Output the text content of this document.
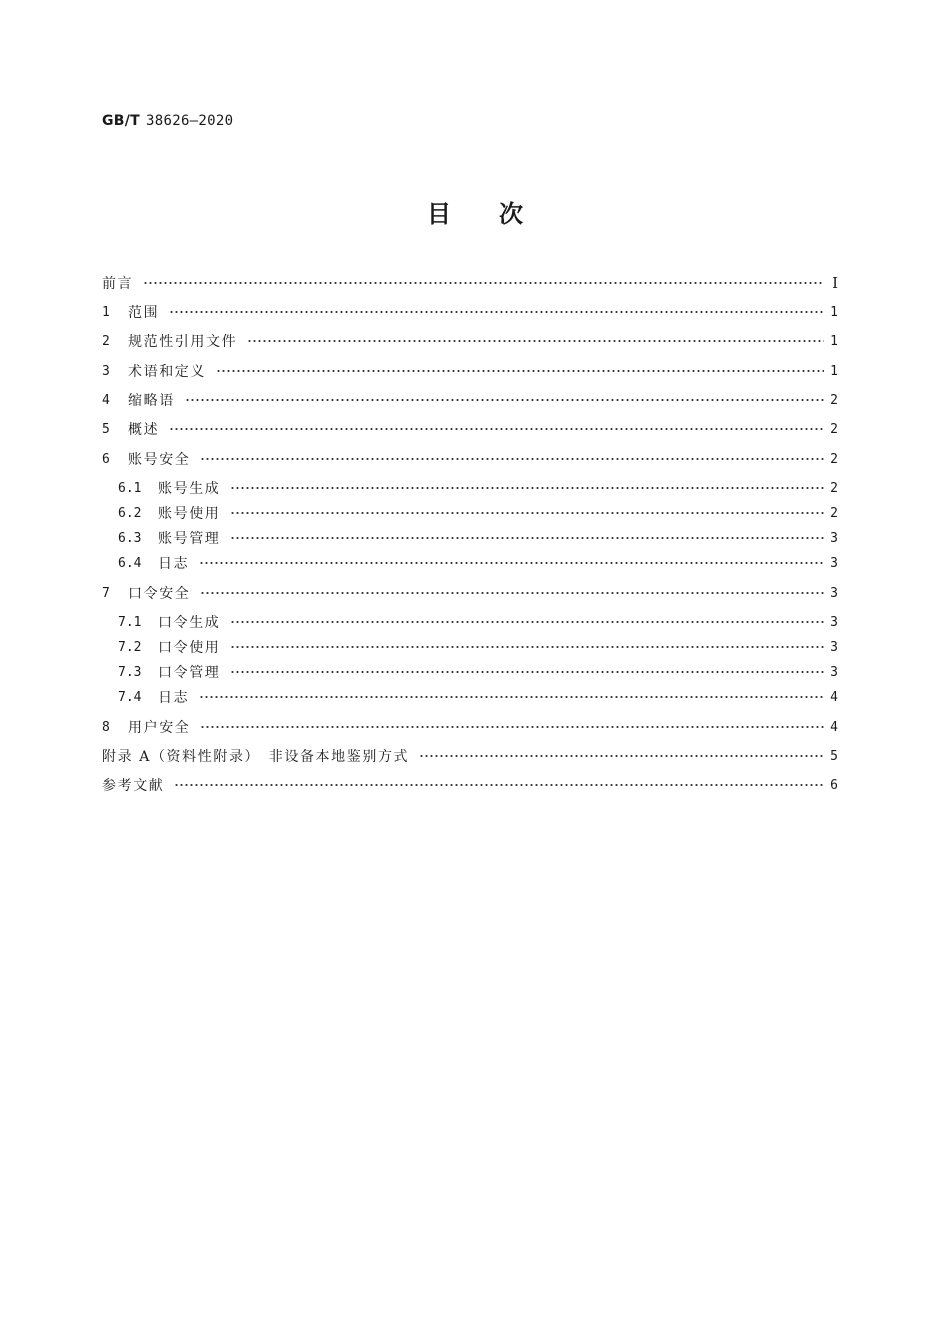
GB/T 38626—2020
目　　次
前言	Ⅰ
1	范围	1
2	规范性引用文件	1
3	术语和定义	1
4	缩略语	2
5	概述	2
6	账号安全	2
6.1	账号生成	2
6.2	账号使用	2
6.3	账号管理	3
6.4	日志	3
7	口令安全	3
7.1	口令生成	3
7.2	口令使用	3
7.3	口令管理	3
7.4	日志	4
8	用户安全	4
附录 A（资料性附录）　非设备本地鉴别方式	5
参考文献	6
